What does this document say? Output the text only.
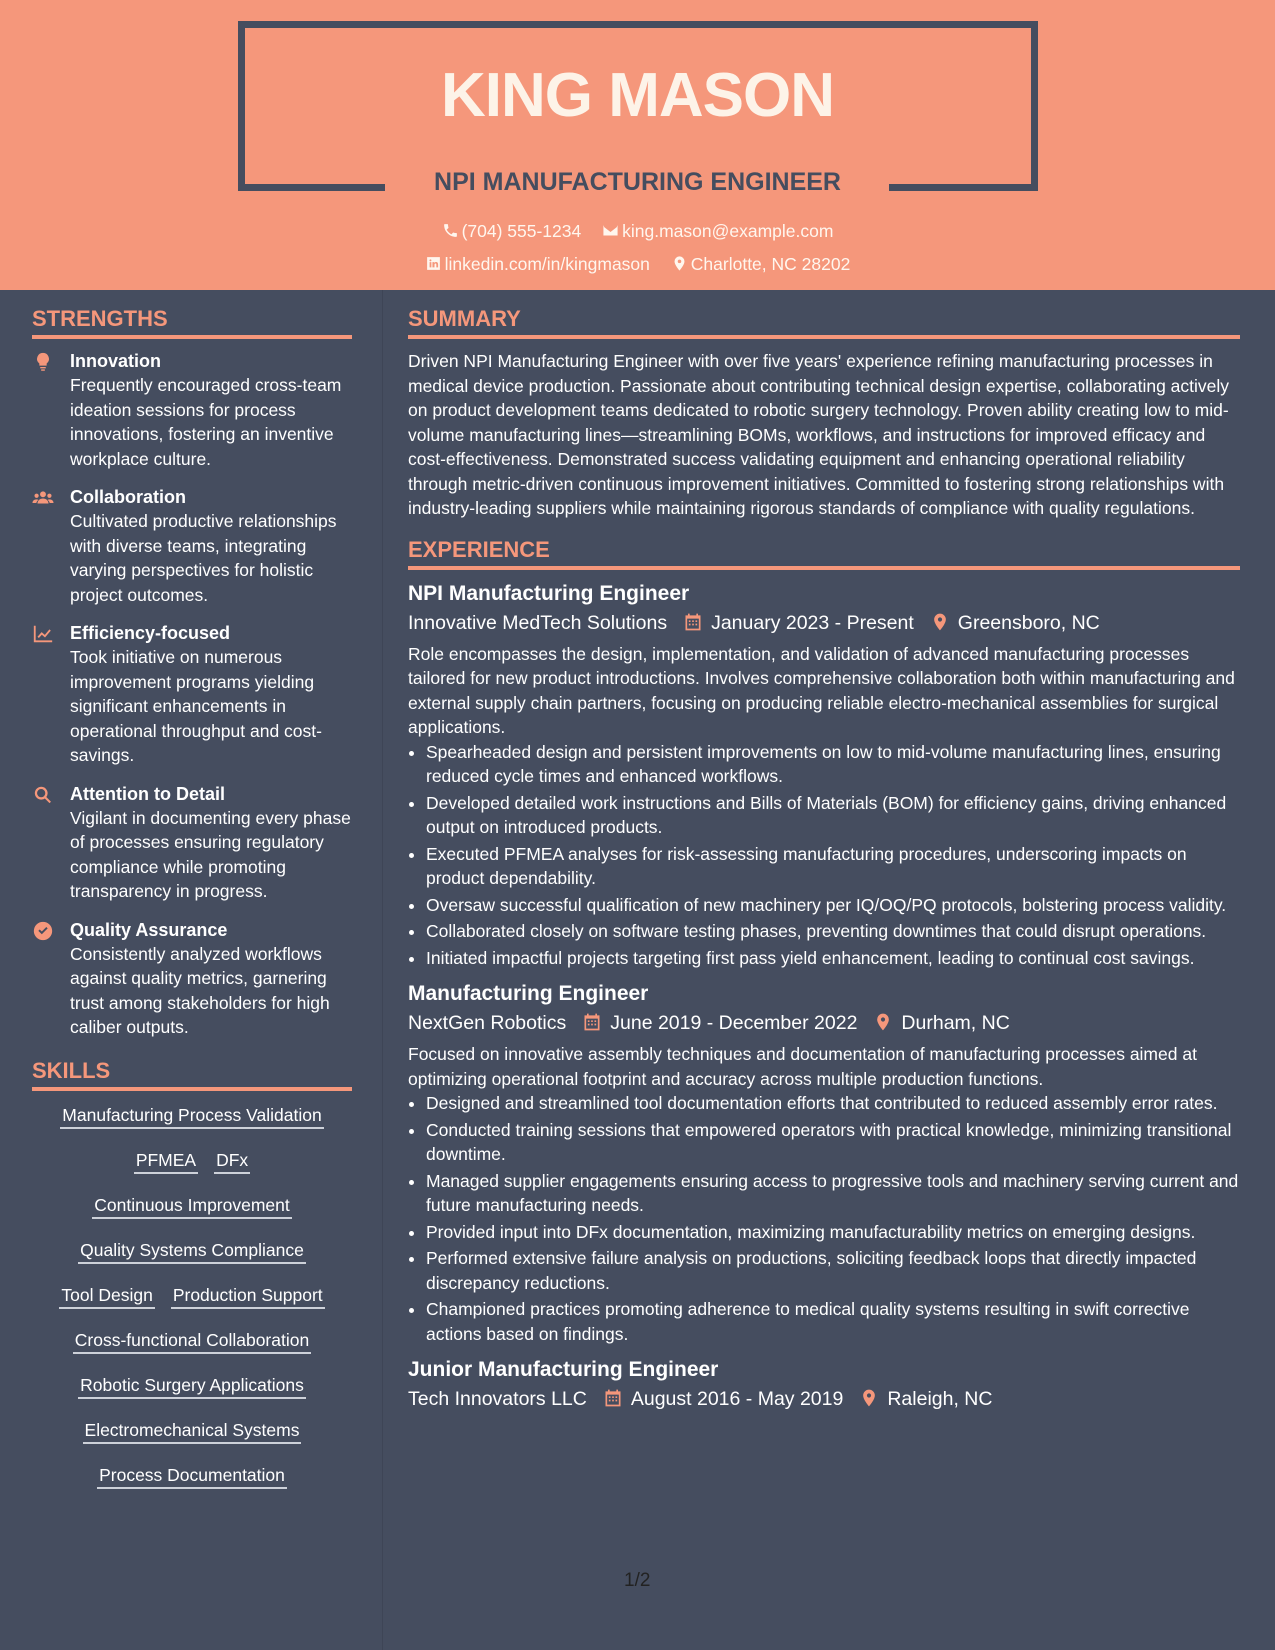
KING MASON
NPI MANUFACTURING ENGINEER
(704) 555-1234 king.mason@example.com
linkedin.com/in/kingmason Charlotte, NC 28202
STRENGTHS
Innovation
Frequently encouraged cross-team ideation sessions for process innovations, fostering an inventive workplace culture.
Collaboration
Cultivated productive relationships with diverse teams, integrating varying perspectives for holistic project outcomes.
Efficiency-focused
Took initiative on numerous improvement programs yielding significant enhancements in operational throughput and cost-savings.
Attention to Detail
Vigilant in documenting every phase of processes ensuring regulatory compliance while promoting transparency in progress.
Quality Assurance
Consistently analyzed workflows against quality metrics, garnering trust among stakeholders for high caliber outputs.
SKILLS
Manufacturing Process Validation
PFMEA DFx
Continuous Improvement
Quality Systems Compliance
Tool Design Production Support
Cross-functional Collaboration
Robotic Surgery Applications
Electromechanical Systems
Process Documentation
SUMMARY

Driven NPI Manufacturing Engineer with over five years' experience refining manufacturing processes in medical device production. Passionate about contributing technical design expertise, collaborating actively on product development teams dedicated to robotic surgery technology. Proven ability creating low to mid-volume manufacturing lines—streamlining BOMs, workflows, and instructions for improved efficacy and cost-effectiveness. Demonstrated success validating equipment and enhancing operational reliability through metric-driven continuous improvement initiatives. Committed to fostering strong relationships with industry-leading suppliers while maintaining rigorous standards of compliance with quality regulations.

EXPERIENCE
NPI Manufacturing Engineer
Innovative MedTech Solutions January 2023 - Present Greensboro, NC
Role encompasses the design, implementation, and validation of advanced manufacturing processes tailored for new product introductions. Involves comprehensive collaboration both within manufacturing and external supply chain partners, focusing on producing reliable electro-mechanical assemblies for surgical applications.
• Spearheaded design and persistent improvements on low to mid-volume manufacturing lines, ensuring reduced cycle times and enhanced workflows.
• Developed detailed work instructions and Bills of Materials (BOM) for efficiency gains, driving enhanced output on introduced products.
• Executed PFMEA analyses for risk-assessing manufacturing procedures, underscoring impacts on product dependability.
• Oversaw successful qualification of new machinery per IQ/OQ/PQ protocols, bolstering process validity.
• Collaborated closely on software testing phases, preventing downtimes that could disrupt operations.
• Initiated impactful projects targeting first pass yield enhancement, leading to continual cost savings.
Manufacturing Engineer
NextGen Robotics June 2019 - December 2022 Durham, NC
Focused on innovative assembly techniques and documentation of manufacturing processes aimed at optimizing operational footprint and accuracy across multiple production functions.
• Designed and streamlined tool documentation efforts that contributed to reduced assembly error rates.
• Conducted training sessions that empowered operators with practical knowledge, minimizing transitional downtime.
• Managed supplier engagements ensuring access to progressive tools and machinery serving current and future manufacturing needs.
• Provided input into DFx documentation, maximizing manufacturability metrics on emerging designs.
• Performed extensive failure analysis on productions, soliciting feedback loops that directly impacted discrepancy reductions.
• Championed practices promoting adherence to medical quality systems resulting in swift corrective actions based on findings.
Junior Manufacturing Engineer
Tech Innovators LLC August 2016 - May 2019 Raleigh, NC
1/2
